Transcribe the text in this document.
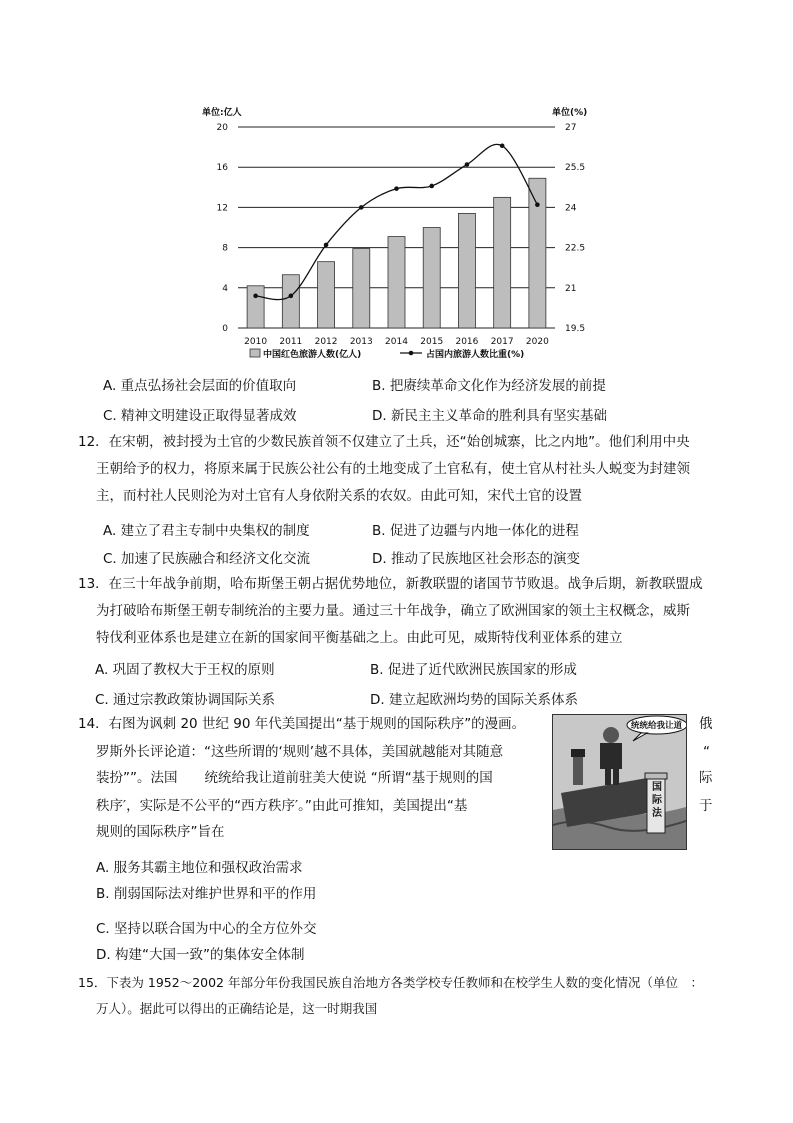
单位:亿人	单位(%)
20	27
16	25.5
12	24
8	22.5
4	21
0	19.5
2010 2011 2012 2013 2014 2015 2016 2017 2020
中国红色旅游人数(亿人)	占国内旅游人数比重(%)
A. 重点弘扬社会层面的价值取向	B. 把赓续革命文化作为经济发展的前提
C. 精神文明建设正取得显著成效	D. 新民主主义革命的胜利具有坚实基础
12．在宋朝，被封授为土官的少数民族首领不仅建立了土兵，还“始创城寨，比之内地”。他们利用中央
王朝给予的权力，将原来属于民族公社公有的土地变成了土官私有，使土官从村社头人蜕变为封建领
主，而村社人民则沦为对土官有人身依附关系的农奴。由此可知，宋代土官的设置
A. 建立了君主专制中央集权的制度	B. 促进了边疆与内地一体化的进程
C. 加速了民族融合和经济文化交流	D. 推动了民族地区社会形态的演变
13．在三十年战争前期，哈布斯堡王朝占据优势地位，新教联盟的诸国节节败退。战争后期，新教联盟成
为打破哈布斯堡王朝专制统治的主要力量。通过三十年战争，确立了欧洲国家的领土主权概念，威斯
特伐利亚体系也是建立在新的国家间平衡基础之上。由此可见，威斯特伐利亚体系的建立
A. 巩固了教权大于王权的原则	B. 促进了近代欧洲民族国家的形成
C. 通过宗教政策协调国际关系	D. 建立起欧洲均势的国际关系体系
14．右图为讽刺 20 世纪 90 年代美国提出“基于规则的国际秩序”的漫画。	俄
罗斯外长评论道：“这些所谓的‘规则’越不具体，美国就越能对其随意	“
装扮””。法国　　统统给我让道前驻美大使说 “所谓“基于规则的国	际
秩序′，实际是不公平的“西方秩序′。”由此可推知，美国提出“基	于
规则的国际秩序”旨在
统统给我让道
国际法
A. 服务其霸主地位和强权政治需求
B. 削弱国际法对维护世界和平的作用
C. 坚持以联合国为中心的全方位外交
D. 构建“大国一致”的集体安全体制
15．下表为 1952～2002 年部分年份我国民族自治地方各类学校专任教师和在校学生人数的变化情况（单位　：
万人）。据此可以得出的正确结论是，这一时期我国
